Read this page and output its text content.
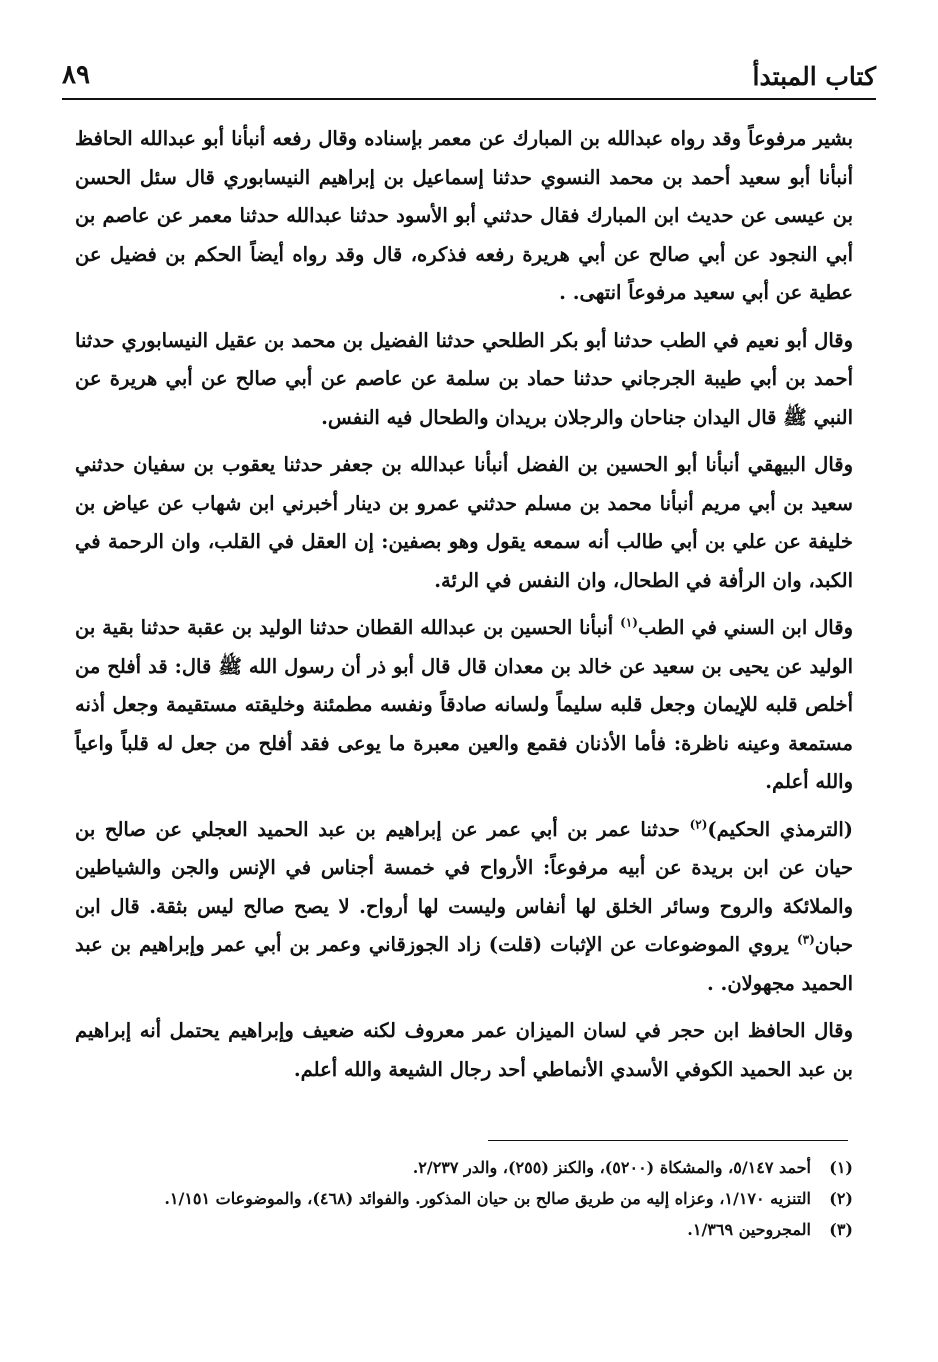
كتاب المبتدأ
٨٩

بشير مرفوعاً وقد رواه عبدالله بن المبارك عن معمر بإسناده وقال رفعه أنبأنا أبو عبدالله الحافظ أنبأنا أبو سعيد أحمد بن محمد النسوي حدثنا إسماعيل بن إبراهيم النيسابوري قال سئل الحسن بن عيسى عن حديث ابن المبارك فقال حدثني أبو الأسود حدثنا عبدالله حدثنا معمر عن عاصم بن أبي النجود عن أبي صالح عن أبي هريرة رفعه فذكره، قال وقد رواه أيضاً الحكم بن فضيل عن عطية عن أبي سعيد مرفوعاً انتهى. .

وقال أبو نعيم في الطب حدثنا أبو بكر الطلحي حدثنا الفضيل بن محمد بن عقيل النيسابوري حدثنا أحمد بن أبي طيبة الجرجاني حدثنا حماد بن سلمة عن عاصم عن أبي صالح عن أبي هريرة عن النبي ﷺ قال اليدان جناحان والرجلان بريدان والطحال فيه النفس.

وقال البيهقي أنبأنا أبو الحسين بن الفضل أنبأنا عبدالله بن جعفر حدثنا يعقوب بن سفيان حدثني سعيد بن أبي مريم أنبأنا محمد بن مسلم حدثني عمرو بن دينار أخبرني ابن شهاب عن عياض بن خليفة عن علي بن أبي طالب أنه سمعه يقول وهو بصفين: إن العقل في القلب، وان الرحمة في الكبد، وان الرأفة في الطحال، وان النفس في الرئة.

وقال ابن السني في الطب$^{(١)}$ أنبأنا الحسين بن عبدالله القطان حدثنا الوليد بن عقبة حدثنا بقية بن الوليد عن يحيى بن سعيد عن خالد بن معدان قال قال أبو ذر أن رسول الله ﷺ قال: قد أفلح من أخلص قلبه للإيمان وجعل قلبه سليماً ولسانه صادقاً ونفسه مطمئنة وخليقته مستقيمة وجعل أذنه مستمعة وعينه ناظرة: فأما الأذنان فقمع والعين معبرة ما يوعى فقد أفلح من جعل له قلباً واعياً والله أعلم.

(الترمذي الحكيم)$^{(٢)}$ حدثنا عمر بن أبي عمر عن إبراهيم بن عبد الحميد العجلي عن صالح بن حيان عن ابن بريدة عن أبيه مرفوعاً: الأرواح في خمسة أجناس في الإنس والجن والشياطين والملائكة والروح وسائر الخلق لها أنفاس وليست لها أرواح. لا يصح صالح ليس بثقة. قال ابن حبان$^{(٣)}$ يروي الموضوعات عن الإثبات (قلت) زاد الجوزقاني وعمر بن أبي عمر وإبراهيم بن عبد الحميد مجهولان. .

وقال الحافظ ابن حجر في لسان الميزان عمر معروف لكنه ضعيف وإبراهيم يحتمل أنه إبراهيم بن عبد الحميد الكوفي الأسدي الأنماطي أحد رجال الشيعة والله أعلم.

(١)
أحمد ٥/١٤٧، والمشكاة (٥٢٠٠)، والكنز (٢٥٥)، والدر ٢/٢٣٧.
(٢)
التنزيه ١/١٧٠، وعزاه إليه من طريق صالح بن حيان المذكور. والفوائد (٤٦٨)، والموضوعات ١/١٥١.
(٣)
المجروحين ١/٣٦٩.
